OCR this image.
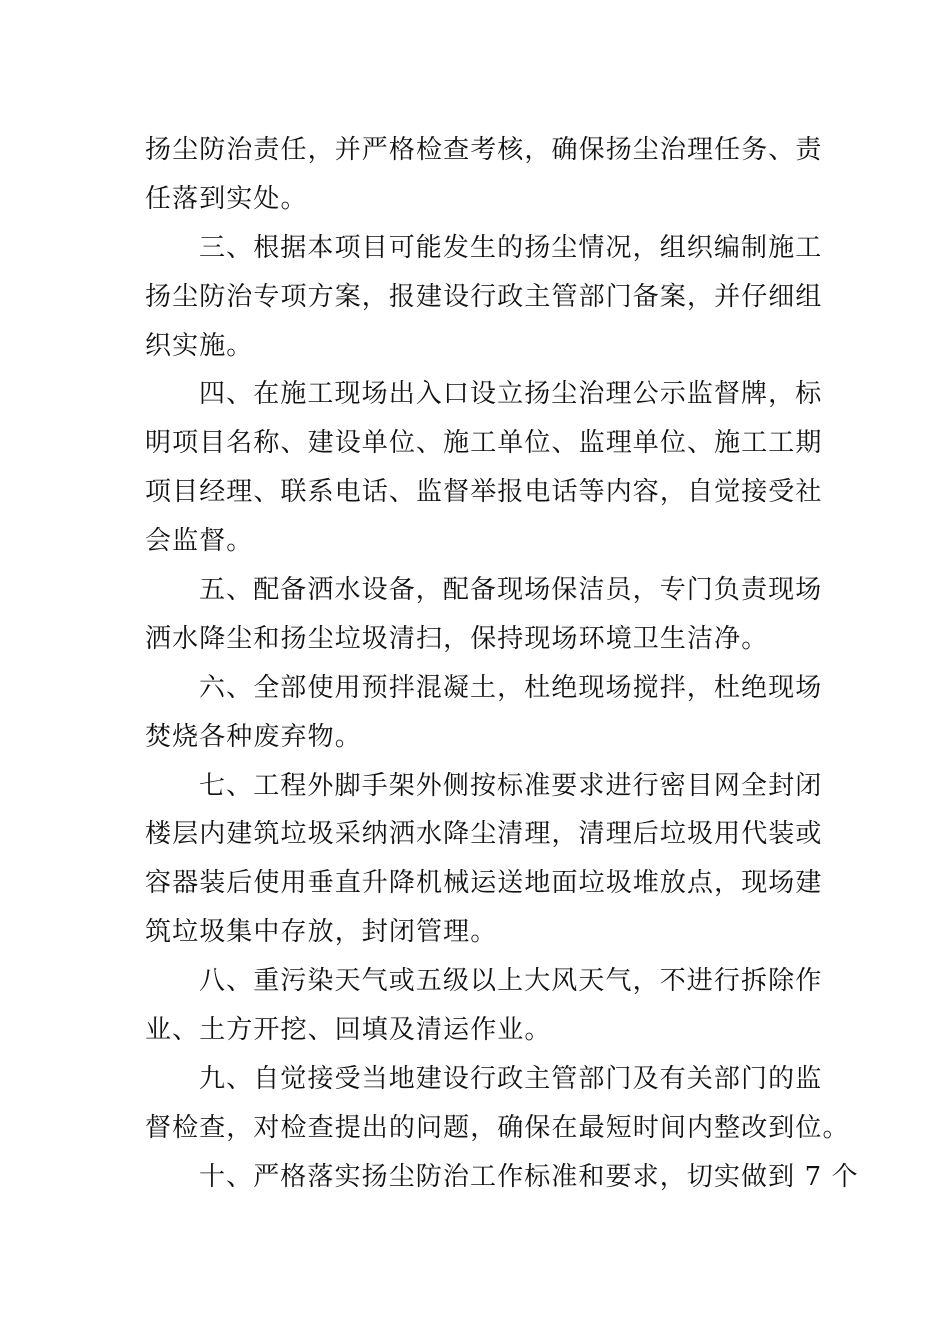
扬尘防治责任，并严格检查考核，确保扬尘治理任务、责
任落到实处。
三、根据本项目可能发生的扬尘情况，组织编制施工
扬尘防治专项方案，报建设行政主管部门备案，并仔细组
织实施。
四、在施工现场出入口设立扬尘治理公示监督牌，标
明项目名称、建设单位、施工单位、监理单位、施工工期
项目经理、联系电话、监督举报电话等内容，自觉接受社
会监督。
五、配备洒水设备，配备现场保洁员，专门负责现场
洒水降尘和扬尘垃圾清扫，保持现场环境卫生洁净。
六、全部使用预拌混凝土，杜绝现场搅拌，杜绝现场
焚烧各种废弃物。
七、工程外脚手架外侧按标准要求进行密目网全封闭
楼层内建筑垃圾采纳洒水降尘清理，清理后垃圾用代装或
容器装后使用垂直升降机械运送地面垃圾堆放点，现场建
筑垃圾集中存放，封闭管理。
八、重污染天气或五级以上大风天气，不进行拆除作
业、土方开挖、回填及清运作业。
九、自觉接受当地建设行政主管部门及有关部门的监
督检查，对检查提出的问题，确保在最短时间内整改到位。
十、严格落实扬尘防治工作标准和要求，切实做到 7 个
